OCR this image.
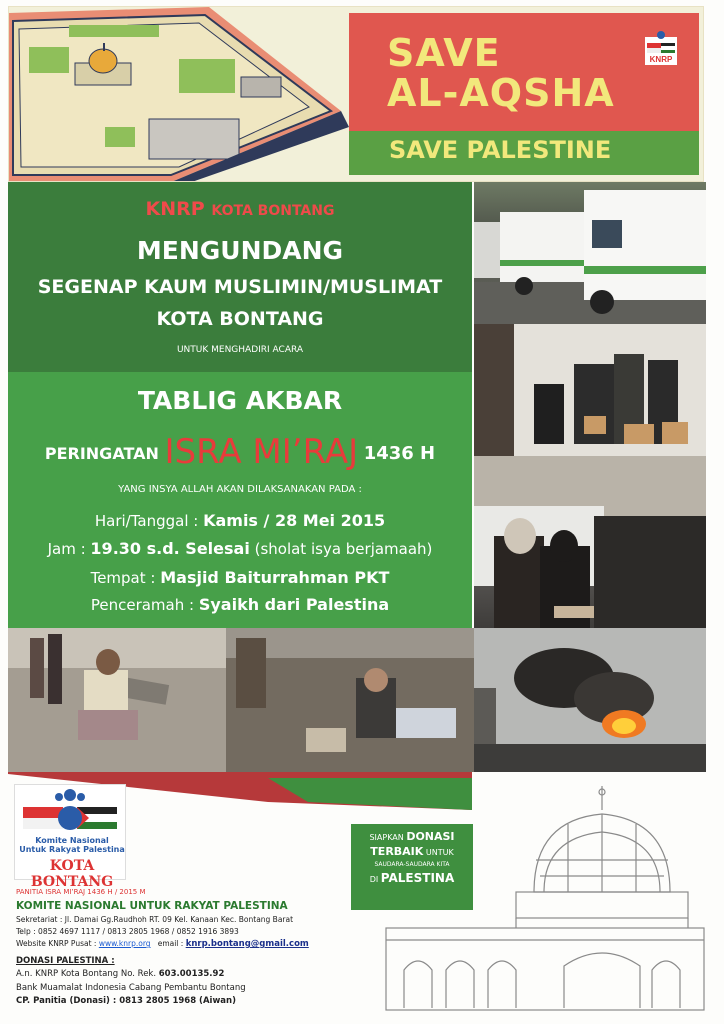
SAVE
AL-AQSHA
SAVE PALESTINE
KNRP
KNRP KOTA BONTANG
MENGUNDANG
SEGENAP KAUM MUSLIMIN/MUSLIMAT
KOTA BONTANG
UNTUK MENGHADIRI ACARA
TABLIG AKBAR
PERINGATAN ISRA MI’RAJ 1436 H
YANG INSYA ALLAH AKAN DILAKSANAKAN PADA :
Hari/Tanggal : Kamis / 28 Mei 2015
Jam : 19.30 s.d. Selesai (sholat isya berjamaah)
Tempat : Masjid Baiturrahman PKT
Penceramah : Syaikh dari Palestina
Komite Nasional
Untuk Rakyat Palestina
KOTA BONTANG
PANITIA ISRA MI’RAJ 1436 H / 2015 M
KOMITE NASIONAL UNTUK RAKYAT PALESTINA
Sekretariat : Jl. Damai Gg.Raudhoh RT. 09 Kel. Kanaan Kec. Bontang Barat
Telp : 0852 4697 1117 / 0813 2805 1968 / 0852 1916 3893
Website KNRP Pusat : www.knrp.org email : knrp.bontang@gmail.com
DONASI PALESTINA :
A.n. KNRP Kota Bontang No. Rek. 603.00135.92
Bank Muamalat Indonesia Cabang Pembantu Bontang
CP. Panitia (Donasi) : 0813 2805 1968 (Aiwan)
SIAPKAN DONASI
TERBAIK UNTUK
SAUDARA-SAUDARA KITA
DI PALESTINA
